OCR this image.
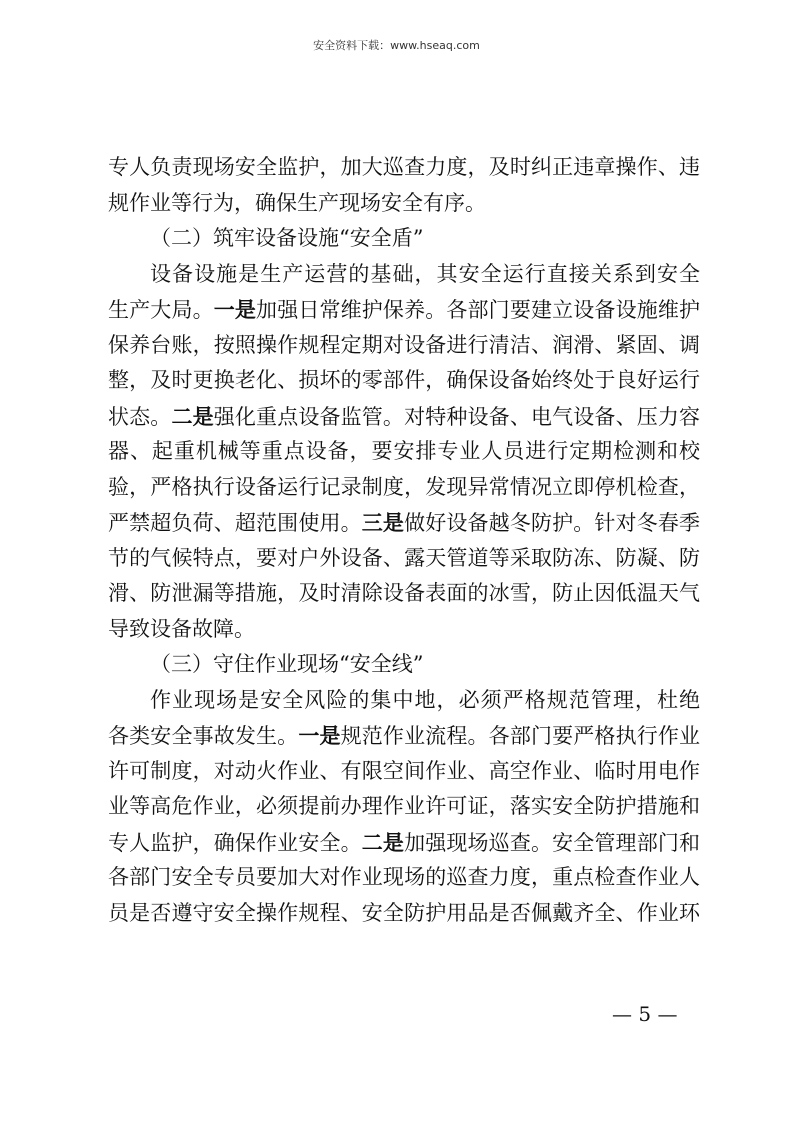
安全资料下载：www.hseaq.com
专人负责现场安全监护，加大巡查力度，及时纠正违章操作、违
规作业等行为，确保生产现场安全有序。
（二）筑牢设备设施“安全盾”
设备设施是生产运营的基础，其安全运行直接关系到安全
生产大局。一是加强日常维护保养。各部门要建立设备设施维护
保养台账，按照操作规程定期对设备进行清洁、润滑、紧固、调
整，及时更换老化、损坏的零部件，确保设备始终处于良好运行
状态。二是强化重点设备监管。对特种设备、电气设备、压力容
器、起重机械等重点设备，要安排专业人员进行定期检测和校
验，严格执行设备运行记录制度，发现异常情况立即停机检查，
严禁超负荷、超范围使用。三是做好设备越冬防护。针对冬春季
节的气候特点，要对户外设备、露天管道等采取防冻、防凝、防
滑、防泄漏等措施，及时清除设备表面的冰雪，防止因低温天气
导致设备故障。
（三）守住作业现场“安全线”
作业现场是安全风险的集中地，必须严格规范管理，杜绝
各类安全事故发生。一是规范作业流程。各部门要严格执行作业
许可制度，对动火作业、有限空间作业、高空作业、临时用电作
业等高危作业，必须提前办理作业许可证，落实安全防护措施和
专人监护，确保作业安全。二是加强现场巡查。安全管理部门和
各部门安全专员要加大对作业现场的巡查力度，重点检查作业人
员是否遵守安全操作规程、安全防护用品是否佩戴齐全、作业环
— 5 —
